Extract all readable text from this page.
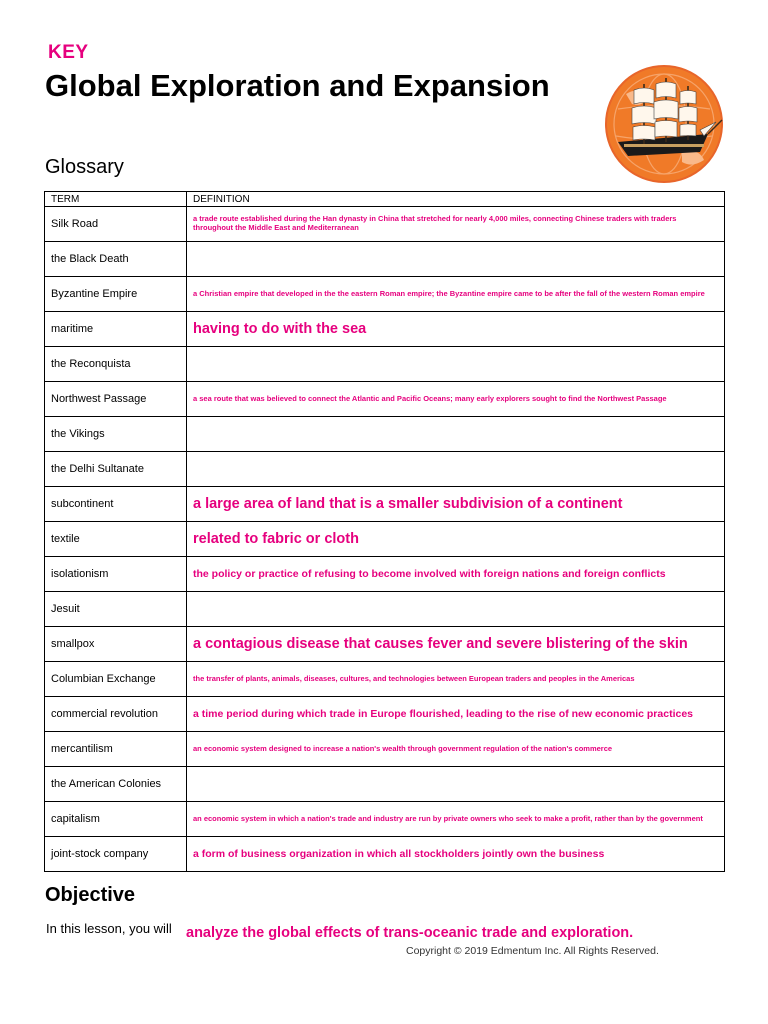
KEY
Global Exploration and Expansion
Glossary
TERM	DEFINITION
Silk Road	a trade route established during the Han dynasty in China that stretched for nearly 4,000 miles, connecting Chinese traders with traders throughout the Middle East and Mediterranean
the Black Death	
Byzantine Empire	a Christian empire that developed in the the eastern Roman empire; the Byzantine empire came to be after the fall of the western Roman empire
maritime	having to do with the sea
the Reconquista	
Northwest Passage	a sea route that was believed to connect the Atlantic and Pacific Oceans; many early explorers sought to find the Northwest Passage
the Vikings	
the Delhi Sultanate	
subcontinent	a large area of land that is a smaller subdivision of a continent
textile	related to fabric or cloth
isolationism	the policy or practice of refusing to become involved with foreign nations and foreign conflicts
Jesuit	
smallpox	a contagious disease that causes fever and severe blistering of the skin
Columbian Exchange	the transfer of plants, animals, diseases, cultures, and technologies between European traders and peoples in the Americas
commercial revolution	a time period during which trade in Europe flourished, leading to the rise of new economic practices
mercantilism	an economic system designed to increase a nation's wealth through government regulation of the nation's commerce
the American Colonies	
capitalism	an economic system in which a nation's trade and industry are run by private owners who seek to make a profit, rather than by the government
joint-stock company	a form of business organization in which all stockholders jointly own the business
Objective
In this lesson, you will analyze the global effects of trans-oceanic trade and exploration.
Copyright © 2019 Edmentum Inc. All Rights Reserved.
